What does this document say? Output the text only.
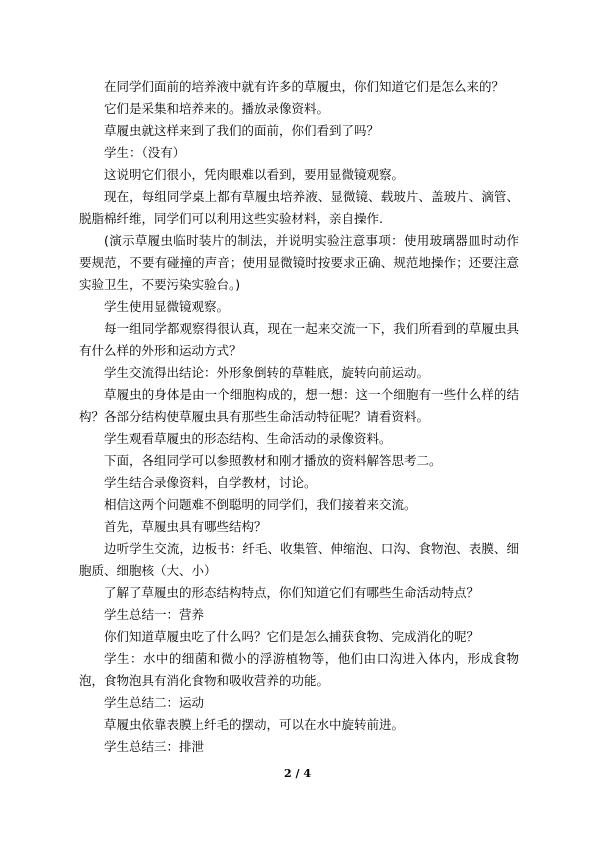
在同学们面前的培养液中就有许多的草履虫，你们知道它们是怎么来的？

它们是采集和培养来的。播放录像资料。

草履虫就这样来到了我们的面前，你们看到了吗？

学生：（没有）

这说明它们很小，凭肉眼难以看到，要用显微镜观察。

现在，每组同学桌上都有草履虫培养液、显微镜、载玻片、盖玻片、滴管、脱脂棉纤维，同学们可以利用这些实验材料，亲自操作.

(演示草履虫临时装片的制法，并说明实验注意事项：使用玻璃器皿时动作要规范，不要有碰撞的声音；使用显微镜时按要求正确、规范地操作；还要注意实验卫生，不要污染实验台。)

学生使用显微镜观察。

每一组同学都观察得很认真，现在一起来交流一下，我们所看到的草履虫具有什么样的外形和运动方式？

学生交流得出结论：外形象倒转的草鞋底，旋转向前运动。

草履虫的身体是由一个细胞构成的，想一想：这一个细胞有一些什么样的结构？各部分结构使草履虫具有那些生命活动特征呢？请看资料。

学生观看草履虫的形态结构、生命活动的录像资料。

下面，各组同学可以参照教材和刚才播放的资料解答思考二。

学生结合录像资料，自学教材，讨论。

相信这两个问题难不倒聪明的同学们，我们接着来交流。

首先，草履虫具有哪些结构？

边听学生交流，边板书：纤毛、收集管、伸缩泡、口沟、食物泡、表膜、细胞质、细胞核（大、小）

了解了草履虫的形态结构特点，你们知道它们有哪些生命活动特点？

学生总结一：营养

你们知道草履虫吃了什么吗？它们是怎么捕获食物、完成消化的呢？

学生：水中的细菌和微小的浮游植物等，他们由口沟进入体内，形成食物泡，食物泡具有消化食物和吸收营养的功能。

学生总结二：运动

草履虫依靠表膜上纤毛的摆动，可以在水中旋转前进。

学生总结三：排泄

2 / 4
